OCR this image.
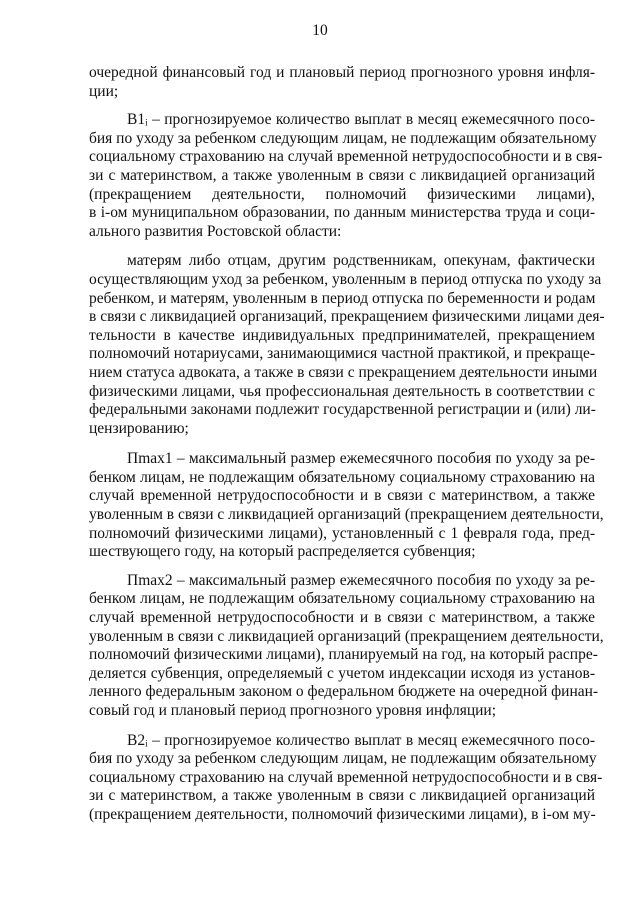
10

очередной финансовый год и плановый период прогнозного уровня инфля-
ции;

B1ᵢ – прогнозируемое количество выплат в месяц ежемесячного посо-
бия по уходу за ребенком следующим лицам, не подлежащим обязательному
социальному страхованию на случай временной нетрудоспособности и в свя-
зи с материнством, а также уволенным в связи с ликвидацией организаций
(прекращением деятельности, полномочий физическими лицами),
в i-ом муниципальном образовании, по данным министерства труда и соци-
ального развития Ростовской области:

матерям либо отцам, другим родственникам, опекунам, фактически
осуществляющим уход за ребенком, уволенным в период отпуска по уходу за
ребенком, и матерям, уволенным в период отпуска по беременности и родам
в связи с ликвидацией организаций, прекращением физическими лицами дея-
тельности в качестве индивидуальных предпринимателей, прекращением
полномочий нотариусами, занимающимися частной практикой, и прекраще-
нием статуса адвоката, а также в связи с прекращением деятельности иными
физическими лицами, чья профессиональная деятельность в соответствии с
федеральными законами подлежит государственной регистрации и (или) ли-
цензированию;

Пmax1 – максимальный размер ежемесячного пособия по уходу за ре-
бенком лицам, не подлежащим обязательному социальному страхованию на
случай временной нетрудоспособности и в связи с материнством, а также
уволенным в связи с ликвидацией организаций (прекращением деятельности,
полномочий физическими лицами), установленный с 1 февраля года, пред-
шествующего году, на который распределяется субвенция;

Пmax2 – максимальный размер ежемесячного пособия по уходу за ре-
бенком лицам, не подлежащим обязательному социальному страхованию на
случай временной нетрудоспособности и в связи с материнством, а также
уволенным в связи с ликвидацией организаций (прекращением деятельности,
полномочий физическими лицами), планируемый на год, на который распре-
деляется субвенция, определяемый с учетом индексации исходя из установ-
ленного федеральным законом о федеральном бюджете на очередной финан-
совый год и плановый период прогнозного уровня инфляции;

B2ᵢ – прогнозируемое количество выплат в месяц ежемесячного посо-
бия по уходу за ребенком следующим лицам, не подлежащим обязательному
социальному страхованию на случай временной нетрудоспособности и в свя-
зи с материнством, а также уволенным в связи с ликвидацией организаций
(прекращением деятельности, полномочий физическими лицами), в i-ом му-
